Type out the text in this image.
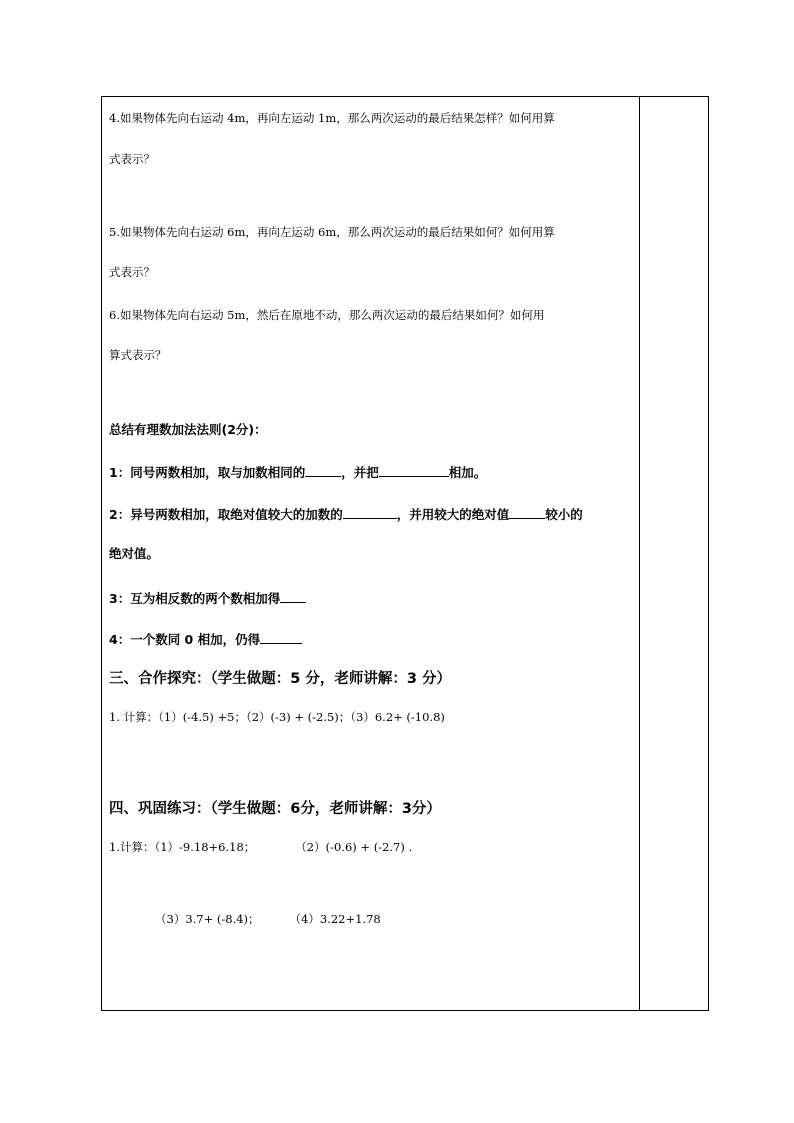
4.如果物体先向右运动 4m，再向左运动 1m，那么两次运动的最后结果怎样？如何用算
式表示？
5.如果物体先向右运动 6m，再向左运动 6m，那么两次运动的最后结果如何？如何用算
式表示？
6.如果物体先向右运动 5m，然后在原地不动，那么两次运动的最后结果如何？如何用
算式表示？
总结有理数加法法则(2分)：
1：同号两数相加，取与加数相同的	，并把	相加。
2：异号两数相加，取绝对值较大的加数的	，并用较大的绝对值	较小的
绝对值。
3：互为相反数的两个数相加得
4：一个数同 0 相加，仍得
三、合作探究：（学生做题：5 分，老师讲解：3 分）
1. 计算：（1）(-4.5) +5；（2）(-3) + (-2.5)；（3）6.2+ (-10.8)
四、巩固练习：（学生做题：6分，老师讲解：3分）
1.计算：（1）-9.18+6.18；	（2）(-0.6) + (-2.7) .
（3）3.7+ (-8.4)；	（4）3.22+1.78
